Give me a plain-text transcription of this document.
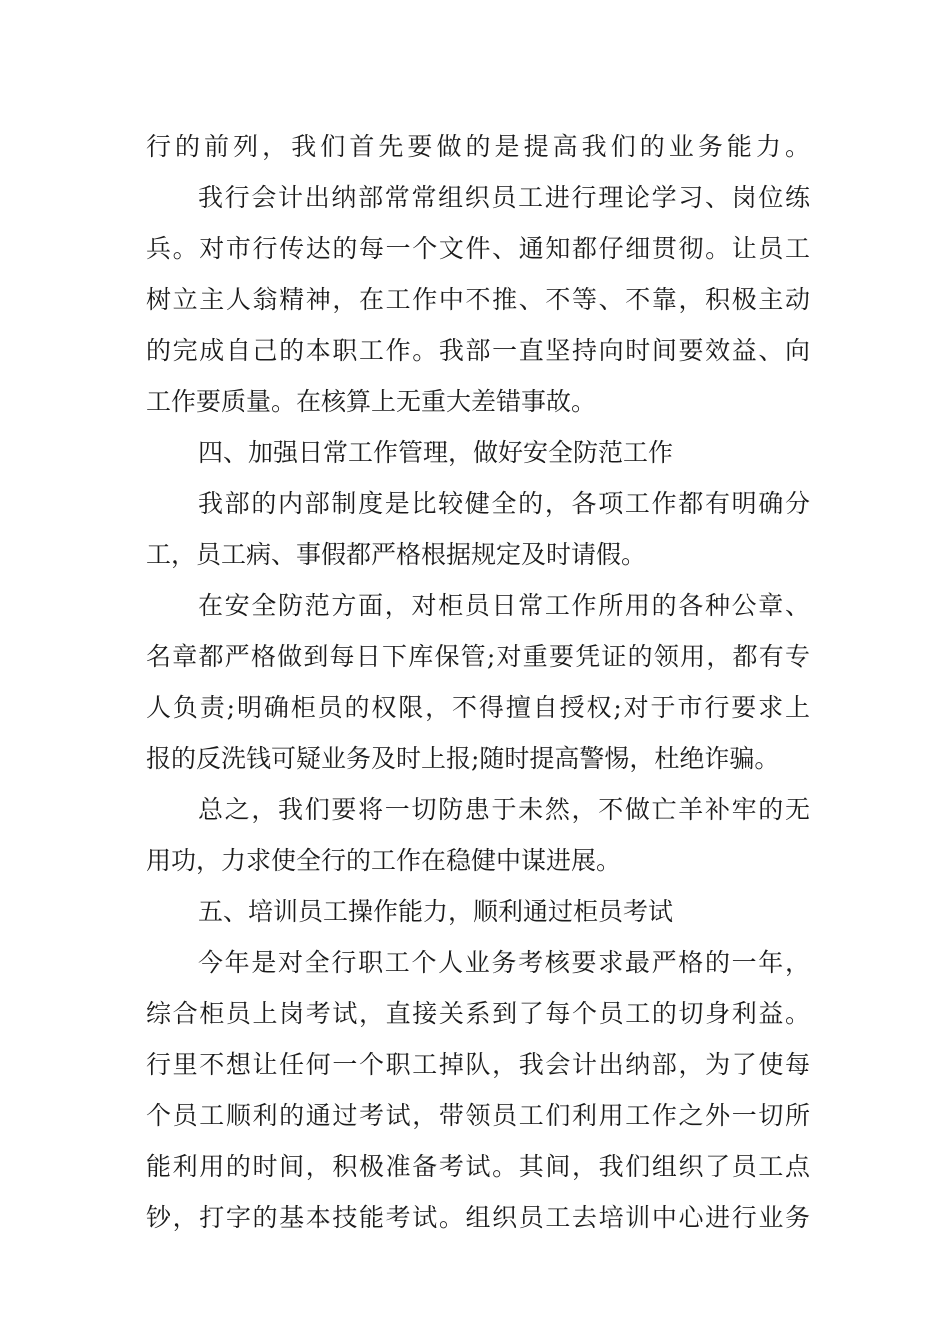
行的前列，我们首先要做的是提高我们的业务能力。
我行会计出纳部常常组织员工进行理论学习、岗位练
兵。对市行传达的每一个文件、通知都仔细贯彻。让员工
树立主人翁精神，在工作中不推、不等、不靠，积极主动
的完成自己的本职工作。我部一直坚持向时间要效益、向
工作要质量。在核算上无重大差错事故。
四、加强日常工作管理，做好安全防范工作
我部的内部制度是比较健全的，各项工作都有明确分
工，员工病、事假都严格根据规定及时请假。
在安全防范方面，对柜员日常工作所用的各种公章、
名章都严格做到每日下库保管;对重要凭证的领用，都有专
人负责;明确柜员的权限，不得擅自授权;对于市行要求上
报的反洗钱可疑业务及时上报;随时提高警惕，杜绝诈骗。
总之，我们要将一切防患于未然，不做亡羊补牢的无
用功，力求使全行的工作在稳健中谋进展。
五、培训员工操作能力，顺利通过柜员考试
今年是对全行职工个人业务考核要求最严格的一年，
综合柜员上岗考试，直接关系到了每个员工的切身利益。
行里不想让任何一个职工掉队，我会计出纳部，为了使每
个员工顺利的通过考试，带领员工们利用工作之外一切所
能利用的时间，积极准备考试。其间，我们组织了员工点
钞，打字的基本技能考试。组织员工去培训中心进行业务
